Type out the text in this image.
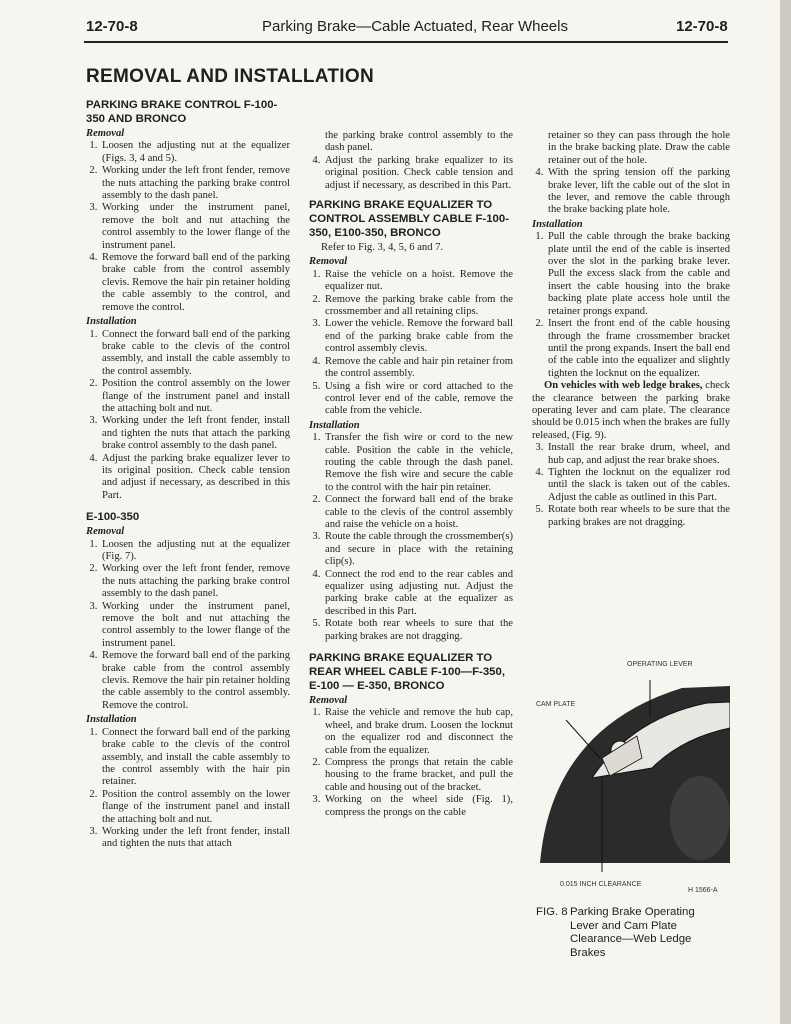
12-70-8	Parking Brake—Cable Actuated, Rear Wheels	12-70-8
REMOVAL AND INSTALLATION
PARKING BRAKE CONTROL F-100-350 AND BRONCO
Removal
1. Loosen the adjusting nut at the equalizer (Figs. 3, 4 and 5).
2. Working under the left front fender, remove the nuts attaching the parking brake control assembly to the dash panel.
3. Working under the instrument panel, remove the bolt and nut attaching the control assembly to the lower flange of the instrument panel.
4. Remove the forward ball end of the parking brake cable from the control assembly clevis. Remove the hair pin retainer holding the cable assembly to the control, and remove the control.
Installation
1. Connect the forward ball end of the parking brake cable to the clevis of the control assembly, and install the cable assembly to the control assembly.
2. Position the control assembly on the lower flange of the instrument panel and install the attaching bolt and nut.
3. Working under the left front fender, install and tighten the nuts that attach the parking brake control assembly to the dash panel.
4. Adjust the parking brake equalizer lever to its original position. Check cable tension and adjust if necessary, as described in this Part.
E-100-350
Removal
1. Loosen the adjusting nut at the equalizer (Fig. 7).
2. Working over the left front fender, remove the nuts attaching the parking brake control assembly to the dash panel.
3. Working under the instrument panel, remove the bolt and nut attaching the control assembly to the lower flange of the instrument panel.
4. Remove the forward ball end of the parking brake cable from the control assembly clevis. Remove the hair pin retainer holding the cable assembly to the control assembly. Remove the control.
Installation
1. Connect the forward ball end of the parking brake cable to the clevis of the control assembly, and install the cable assembly to the control assembly with the hair pin retainer.
2. Position the control assembly on the lower flange of the instrument panel and install the attaching bolt and nut.
3. Working under the left front fender, install and tighten the nuts that attach
the parking brake control assembly to the dash panel.
4. Adjust the parking brake equalizer to its original position. Check cable tension and adjust if necessary, as described in this Part.
PARKING BRAKE EQUALIZER TO CONTROL ASSEMBLY CABLE F-100-350, E100-350, BRONCO
Refer to Fig. 3, 4, 5, 6 and 7.
Removal
1. Raise the vehicle on a hoist. Remove the equalizer nut.
2. Remove the parking brake cable from the crossmember and all retaining clips.
3. Lower the vehicle. Remove the forward ball end of the parking brake cable from the control assembly clevis.
4. Remove the cable and hair pin retainer from the control assembly.
5. Using a fish wire or cord attached to the control lever end of the cable, remove the cable from the vehicle.
Installation
1. Transfer the fish wire or cord to the new cable. Position the cable in the vehicle, routing the cable through the dash panel. Remove the fish wire and secure the cable to the control with the hair pin retainer.
2. Connect the forward ball end of the brake cable to the clevis of the control assembly and raise the vehicle on a hoist.
3. Route the cable through the crossmember(s) and secure in place with the retaining clip(s).
4. Connect the rod end to the rear cables and equalizer using adjusting nut. Adjust the parking brake cable at the equalizer as described in this Part.
5. Rotate both rear wheels to sure that the parking brakes are not dragging.
PARKING BRAKE EQUALIZER TO REAR WHEEL CABLE F-100—F-350, E-100 — E-350, BRONCO
Removal
1. Raise the vehicle and remove the hub cap, wheel, and brake drum. Loosen the locknut on the equalizer rod and disconnect the cable from the equalizer.
2. Compress the prongs that retain the cable housing to the frame bracket, and pull the cable and housing out of the bracket.
3. Working on the wheel side (Fig. 1), compress the prongs on the cable
retainer so they can pass through the hole in the brake backing plate. Draw the cable retainer out of the hole.
4. With the spring tension off the parking brake lever, lift the cable out of the slot in the lever, and remove the cable through the brake backing plate hole.
Installation
1. Pull the cable through the brake backing plate until the end of the cable is inserted over the slot in the parking brake lever. Pull the excess slack from the cable and insert the cable housing into the brake backing plate plate access hole until the retainer prongs expand.
2. Insert the front end of the cable housing through the frame crossmember bracket until the prong expands. Insert the ball end of the cable into the equalizer and slightly tighten the locknut on the equalizer.
On vehicles with web ledge brakes, check the clearance between the parking brake operating lever and cam plate. The clearance should be 0.015 inch when the brakes are fully released, (Fig. 9).
3. Install the rear brake drum, wheel, and hub cap, and adjust the rear brake shoes.
4. Tighten the locknut on the equalizer rod until the slack is taken out of the cables. Adjust the cable as outlined in this Part.
5. Rotate both rear wheels to be sure that the parking brakes are not dragging.
OPERATING LEVER
CAM PLATE
0.015 INCH CLEARANCE
H 1566-A
FIG. 8 Parking Brake Operating Lever and Cam Plate Clearance—Web Ledge Brakes
